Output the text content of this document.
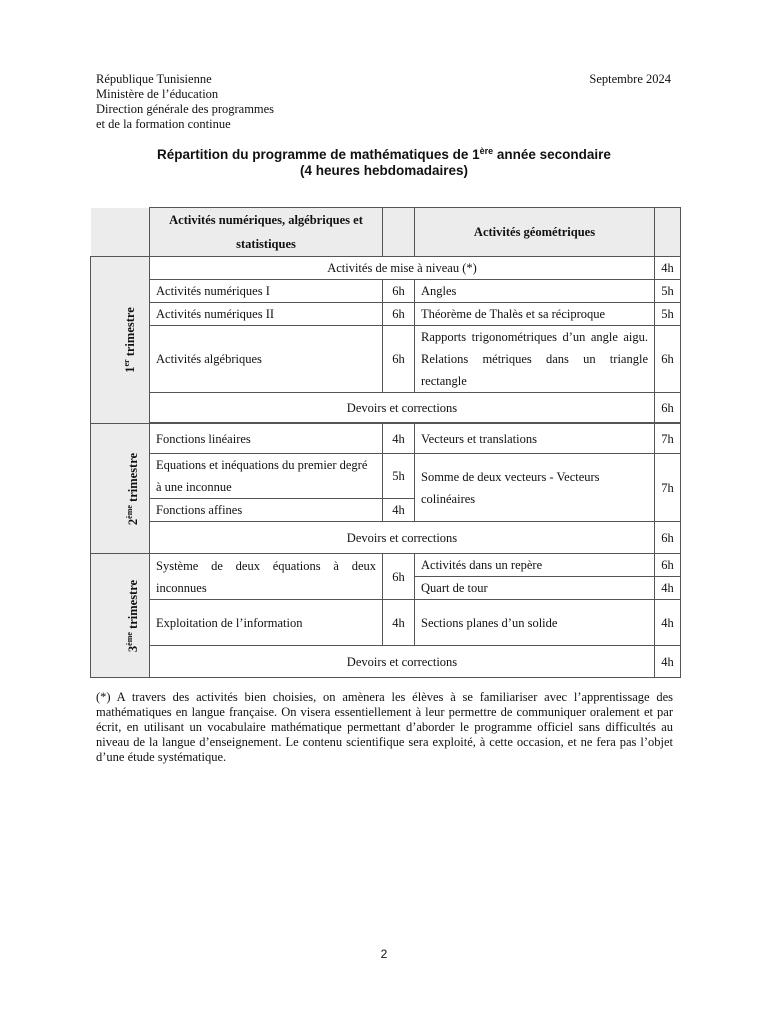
République Tunisienne
Ministère de l’éducation
Direction générale des programmes
et de la formation continue
Septembre 2024
Répartition du programme de mathématiques de 1ère année secondaire
(4 heures hebdomadaires)
	Activités numériques, algébriques et statistiques		Activités géométriques	
1er trimestre	Activités de mise à niveau (*)			4h
	Activités numériques I	6h	Angles	5h
	Activités numériques II	6h	Théorème de Thalès et sa réciproque	5h
	Activités algébriques	6h	Rapports trigonométriques d’un angle aigu. Relations métriques dans un triangle rectangle	6h
	Devoirs et corrections			6h

2ème trimestre	Fonctions linéaires	4h	Vecteurs et translations	7h
	Equations et inéquations du premier degré à une inconnue	5h	Somme de deux vecteurs - Vecteurs colinéaires	7h
	Fonctions affines	4h		
	Devoirs et corrections			6h
3ème trimestre	Système de deux équations à deux inconnues	6h	Activités dans un repère	6h
			Quart de tour	4h
	Exploitation de l’information	4h	Sections planes d’un solide	4h
	Devoirs et corrections			4h
(*) A travers des activités bien choisies, on amènera les élèves à se familiariser avec l’apprentissage des mathématiques en langue française. On visera essentiellement à leur permettre de communiquer oralement et par écrit, en utilisant un vocabulaire mathématique permettant d’aborder le programme officiel sans difficultés au niveau de la langue d’enseignement. Le contenu scientifique sera exploité, à cette occasion, et ne fera pas l’objet d’une étude systématique.
2
